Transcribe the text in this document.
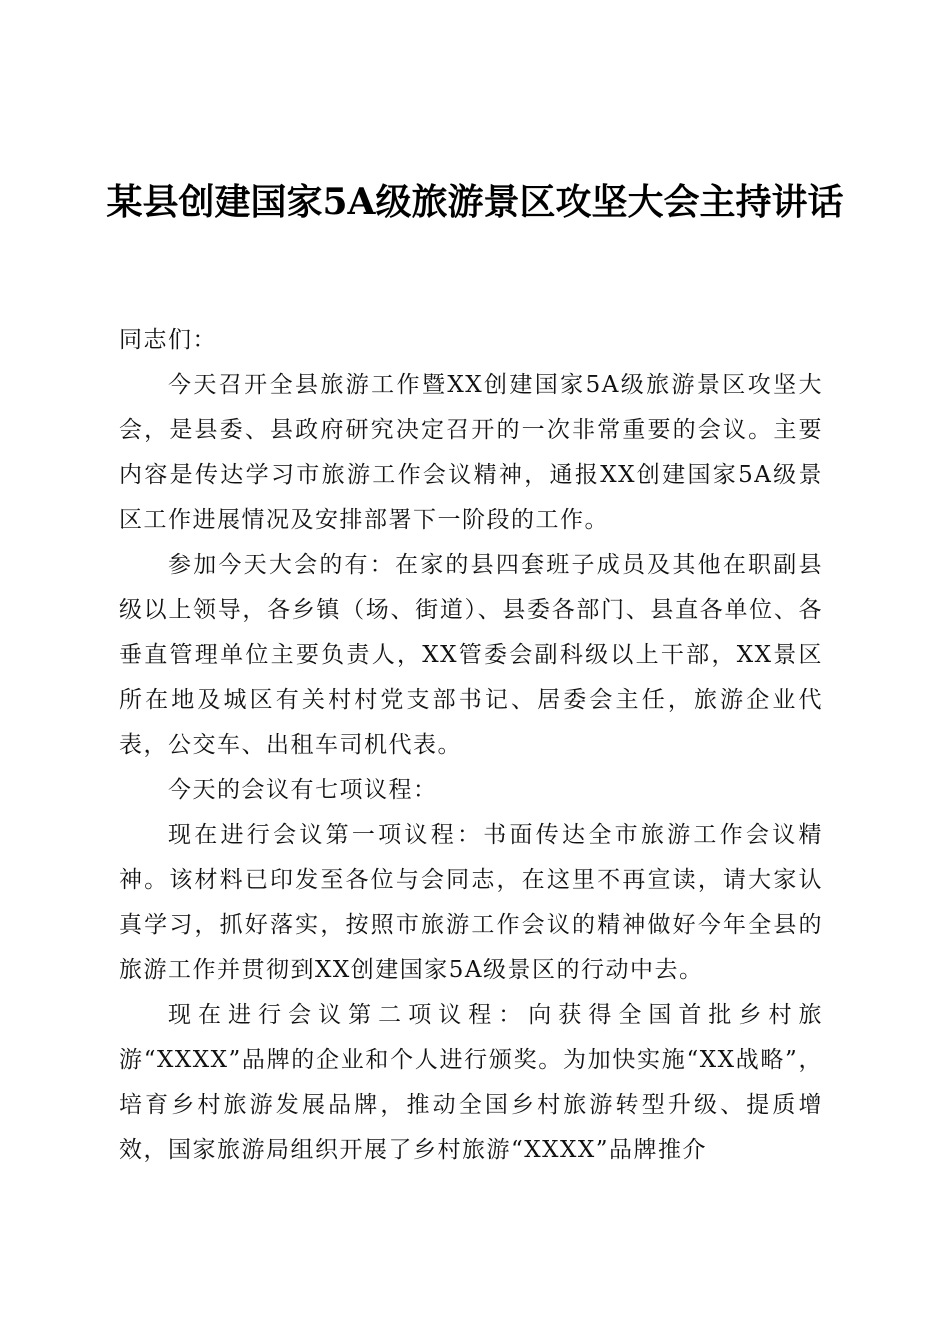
某县创建国家5A级旅游景区攻坚大会主持讲话

同志们：

今天召开全县旅游工作暨XX创建国家5A级旅游景区攻坚大会，是县委、县政府研究决定召开的一次非常重要的会议。主要内容是传达学习市旅游工作会议精神，通报XX创建国家5A级景区工作进展情况及安排部署下一阶段的工作。

参加今天大会的有：在家的县四套班子成员及其他在职副县级以上领导，各乡镇（场、街道）、县委各部门、县直各单位、各垂直管理单位主要负责人，XX管委会副科级以上干部，XX景区所在地及城区有关村村党支部书记、居委会主任，旅游企业代表，公交车、出租车司机代表。

今天的会议有七项议程：

现在进行会议第一项议程：书面传达全市旅游工作会议精神。该材料已印发至各位与会同志，在这里不再宣读，请大家认真学习，抓好落实，按照市旅游工作会议的精神做好今年全县的旅游工作并贯彻到XX创建国家5A级景区的行动中去。

现在进行会议第二项议程：向获得全国首批乡村旅游“XXXX”品牌的企业和个人进行颁奖。为加快实施“XX战略”，培育乡村旅游发展品牌，推动全国乡村旅游转型升级、提质增效，国家旅游局组织开展了乡村旅游“XXXX”品牌推介
